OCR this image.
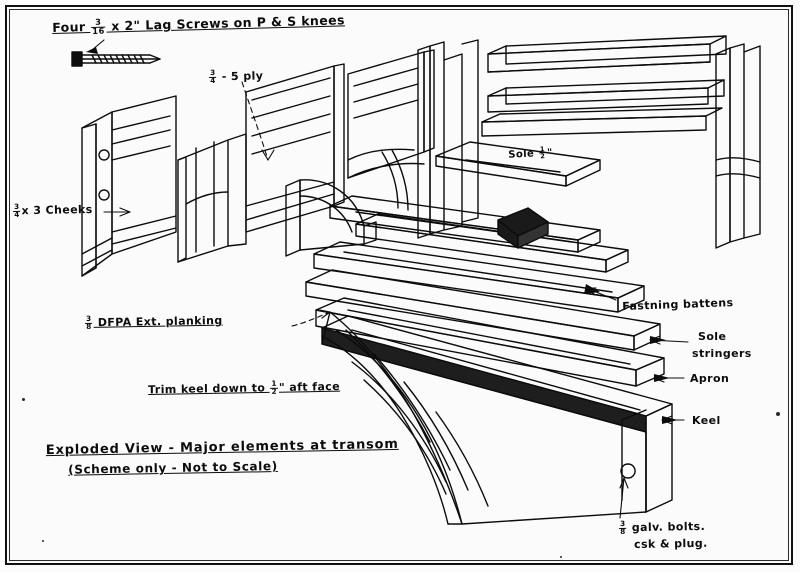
Four $\frac{3}{16}$ x 2" Lag Screws on P & S knees
$\frac{3}{4} - 5$ ply
Sole $\frac{1}{2}$ "
$\frac{3}{4}$ x 3 Cheeks
$\frac{3}{8}$ DFPA Ext. planking
Fastning battens
Sole
stringers
Apron
Keel
Trim keel down to $\frac{1}{2}$ " aft face
$\frac{3}{8}$ galv. bolts.
csk & plug.
Exploded View - Major elements at transom
(Scheme only - Not to Scale)
